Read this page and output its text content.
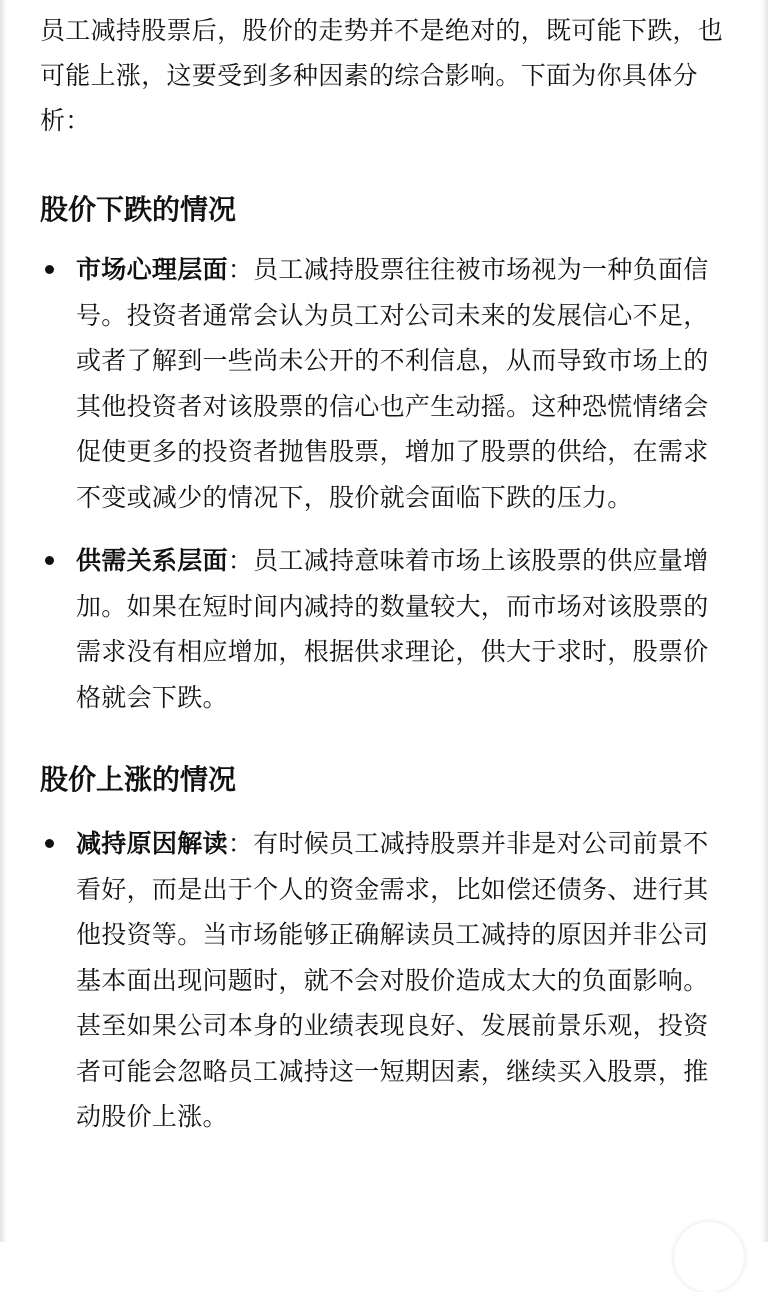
员工减持股票后，股价的走势并不是绝对的，既可能下跌，也可能上涨，这要受到多种因素的综合影响。下面为你具体分析：

股价下跌的情况
市场心理层面：员工减持股票往往被市场视为一种负面信号。投资者通常会认为员工对公司未来的发展信心不足，或者了解到一些尚未公开的不利信息，从而导致市场上的其他投资者对该股票的信心也产生动摇。这种恐慌情绪会促使更多的投资者抛售股票，增加了股票的供给，在需求不变或减少的情况下，股价就会面临下跌的压力。
供需关系层面：员工减持意味着市场上该股票的供应量增加。如果在短时间内减持的数量较大，而市场对该股票的需求没有相应增加，根据供求理论，供大于求时，股票价格就会下跌。
股价上涨的情况
减持原因解读：有时候员工减持股票并非是对公司前景不看好，而是出于个人的资金需求，比如偿还债务、进行其他投资等。当市场能够正确解读员工减持的原因并非公司基本面出现问题时，就不会对股价造成太大的负面影响。甚至如果公司本身的业绩表现良好、发展前景乐观，投资者可能会忽略员工减持这一短期因素，继续买入股票，推动股价上涨。
